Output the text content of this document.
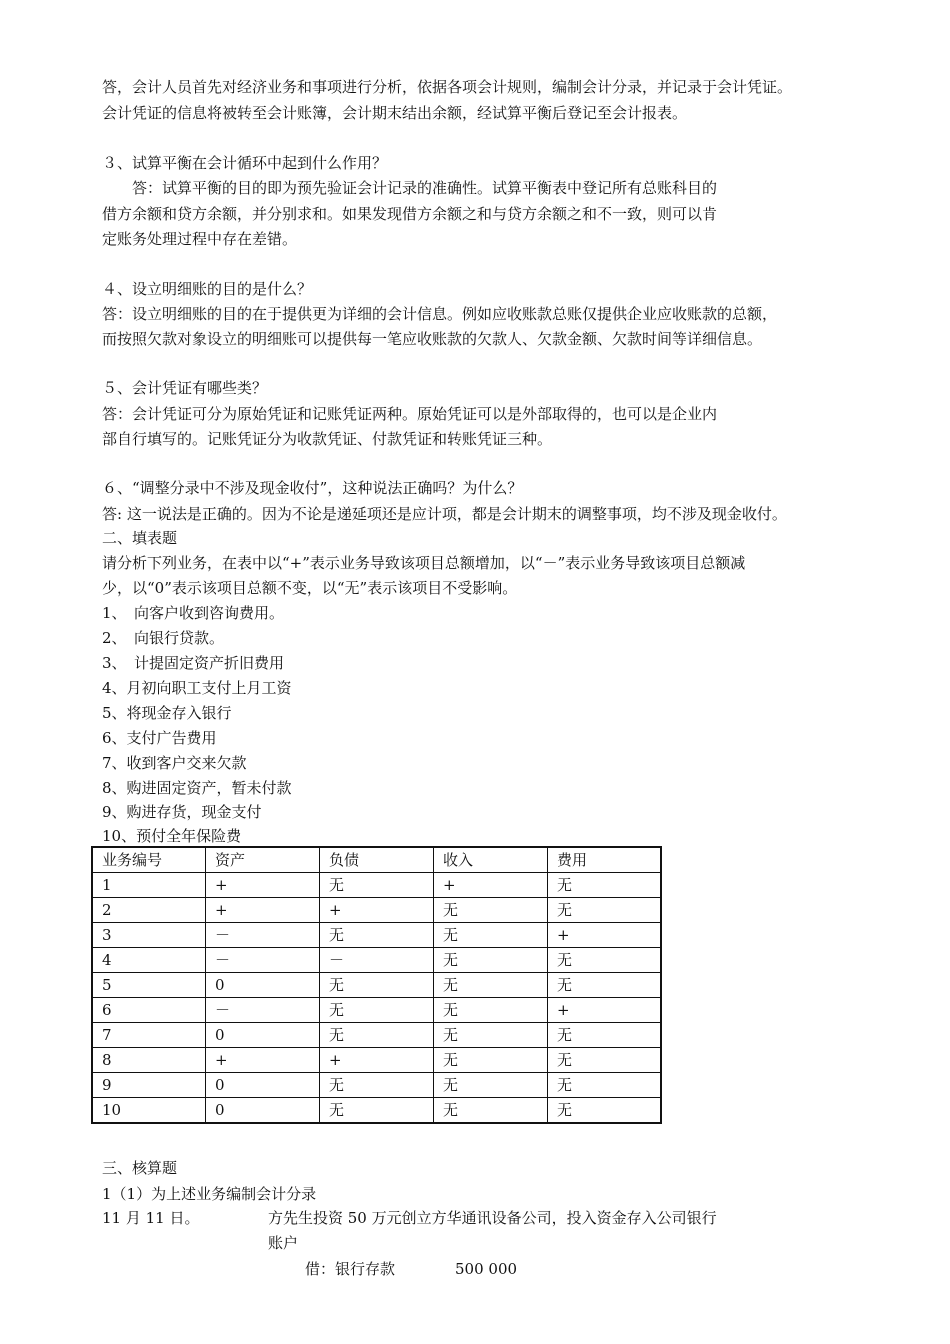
答，会计人员首先对经济业务和事项进行分析，依据各项会计规则，编制会计分录，并记录于会计凭证。
会计凭证的信息将被转至会计账簿，会计期末结出余额，经试算平衡后登记至会计报表。
３、试算平衡在会计循环中起到什么作用？
　　答：试算平衡的目的即为预先验证会计记录的准确性。试算平衡表中登记所有总账科目的
借方余额和贷方余额，并分别求和。如果发现借方余额之和与贷方余额之和不一致，则可以肯
定账务处理过程中存在差错。
４、设立明细账的目的是什么？
答：设立明细账的目的在于提供更为详细的会计信息。例如应收账款总账仅提供企业应收账款的总额，
而按照欠款对象设立的明细账可以提供每一笔应收账款的欠款人、欠款金额、欠款时间等详细信息。
５、会计凭证有哪些类？
答：会计凭证可分为原始凭证和记账凭证两种。原始凭证可以是外部取得的，也可以是企业内
部自行填写的。记账凭证分为收款凭证、付款凭证和转账凭证三种。
６、“调整分录中不涉及现金收付”，这种说法正确吗？为什么？
答: 这一说法是正确的。因为不论是递延项还是应计项，都是会计期末的调整事项，均不涉及现金收付。
二、填表题
请分析下列业务，在表中以“+”表示业务导致该项目总额增加，以“－”表示业务导致该项目总额减
少，以“0”表示该项目总额不变，以“无”表示该项目不受影响。
1、　向客户收到咨询费用。
2、　向银行贷款。
3、　计提固定资产折旧费用
4、月初向职工支付上月工资
5、将现金存入银行
6、支付广告费用
7、收到客户交来欠款
8、购进固定资产，暂未付款
9、购进存货，现金支付
10、预付全年保险费
业务编号	资产	负债	收入	费用
1	+	无	+	无
2	+	+	无	无
3	－	无	无	+
4	－	－	无	无
5	0	无	无	无
6	－	无	无	+
7	0	无	无	无
8	+	+	无	无
9	0	无	无	无
10	0	无	无	无
三、核算题
1（1）为上述业务编制会计分录
11 月 11 日。	方先生投资 50 万元创立方华通讯设备公司，投入资金存入公司银行
账户
借：银行存款	500 000
